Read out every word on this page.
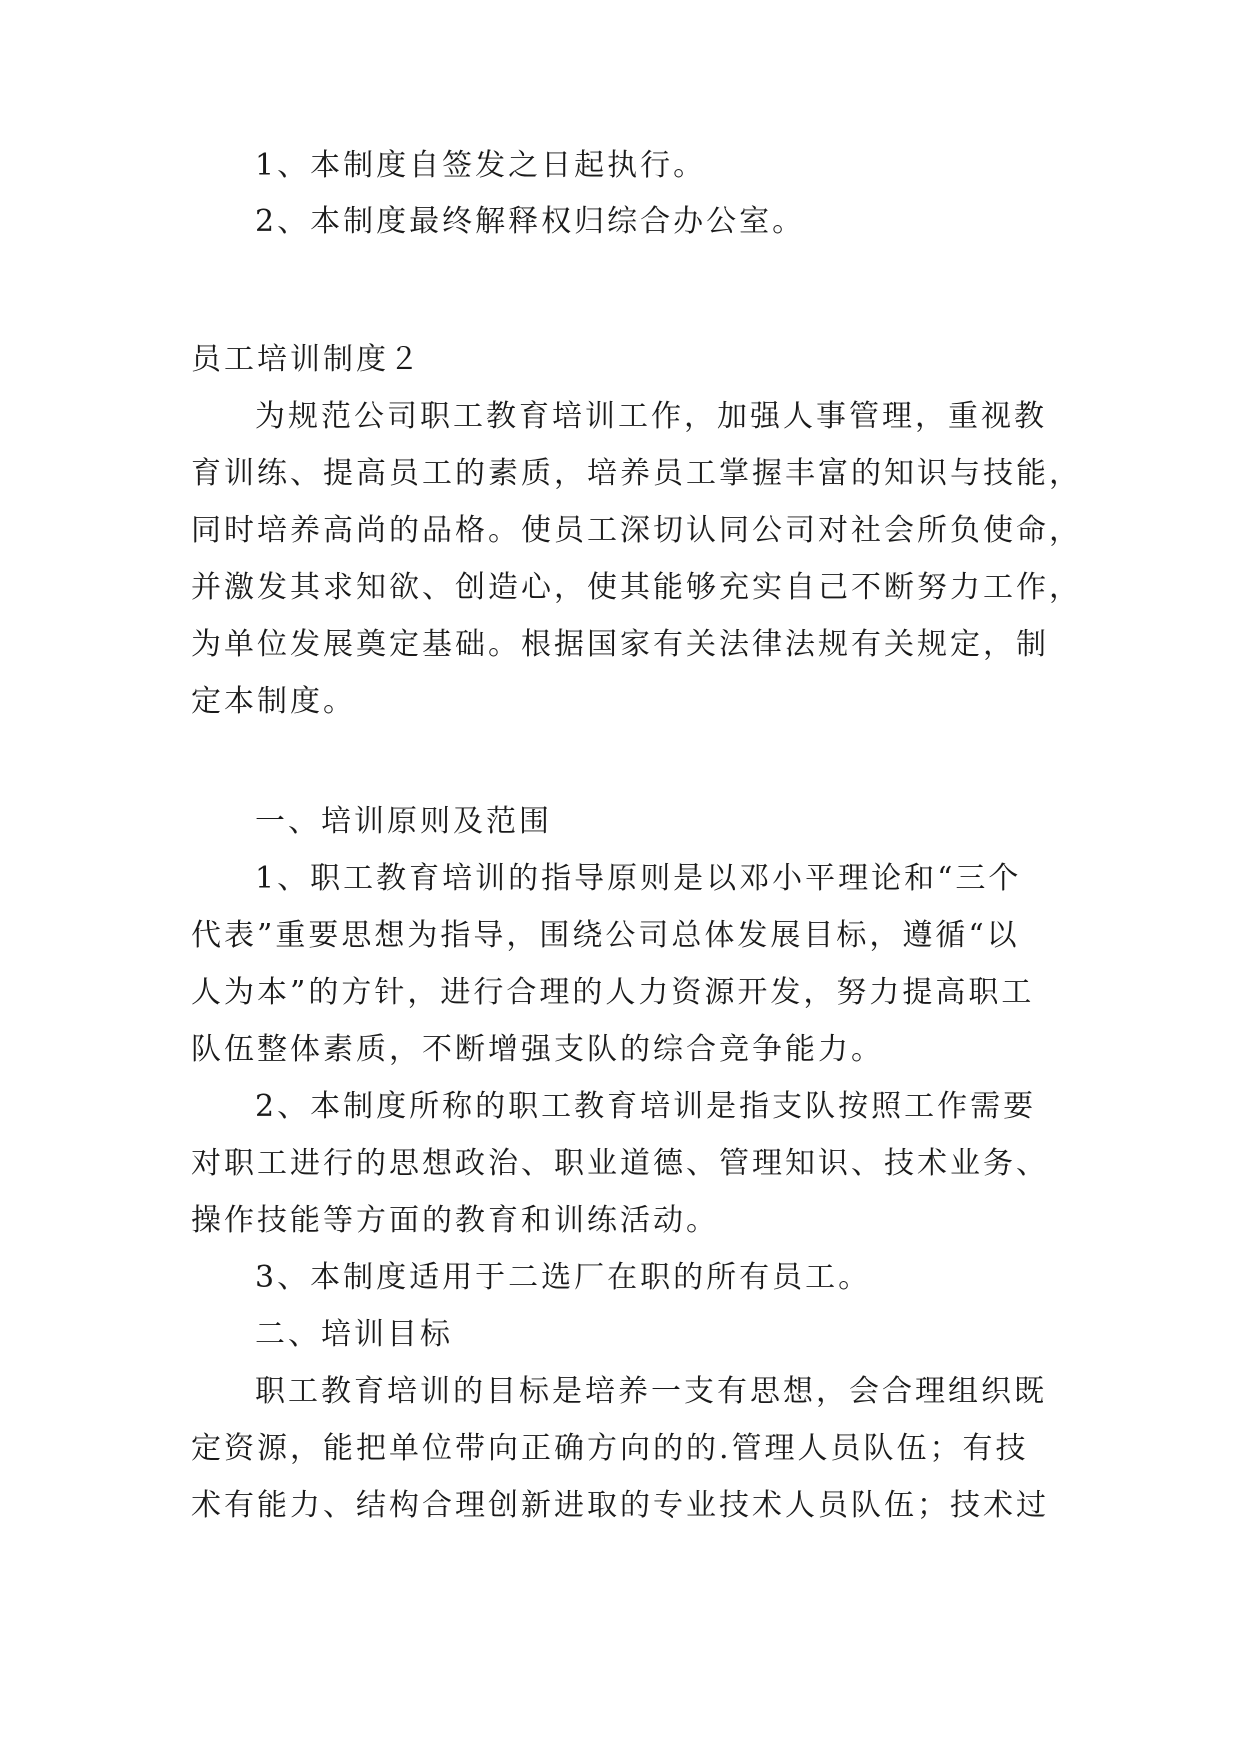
1、本制度自签发之日起执行。
2、本制度最终解释权归综合办公室。
员工培训制度２
为规范公司职工教育培训工作，加强人事管理，重视教
育训练、提高员工的素质，培养员工掌握丰富的知识与技能，
同时培养高尚的品格。使员工深切认同公司对社会所负使命，
并激发其求知欲、创造心，使其能够充实自己不断努力工作，
为单位发展奠定基础。根据国家有关法律法规有关规定，制
定本制度。
一、培训原则及范围
1、职工教育培训的指导原则是以邓小平理论和“三个
代表”重要思想为指导，围绕公司总体发展目标，遵循“以
人为本”的方针，进行合理的人力资源开发，努力提高职工
队伍整体素质，不断增强支队的综合竞争能力。
2、本制度所称的职工教育培训是指支队按照工作需要
对职工进行的思想政治、职业道德、管理知识、技术业务、
操作技能等方面的教育和训练活动。
3、本制度适用于二选厂在职的所有员工。
二、培训目标
职工教育培训的目标是培养一支有思想，会合理组织既
定资源，能把单位带向正确方向的的.管理人员队伍；有技
术有能力、结构合理创新进取的专业技术人员队伍；技术过
